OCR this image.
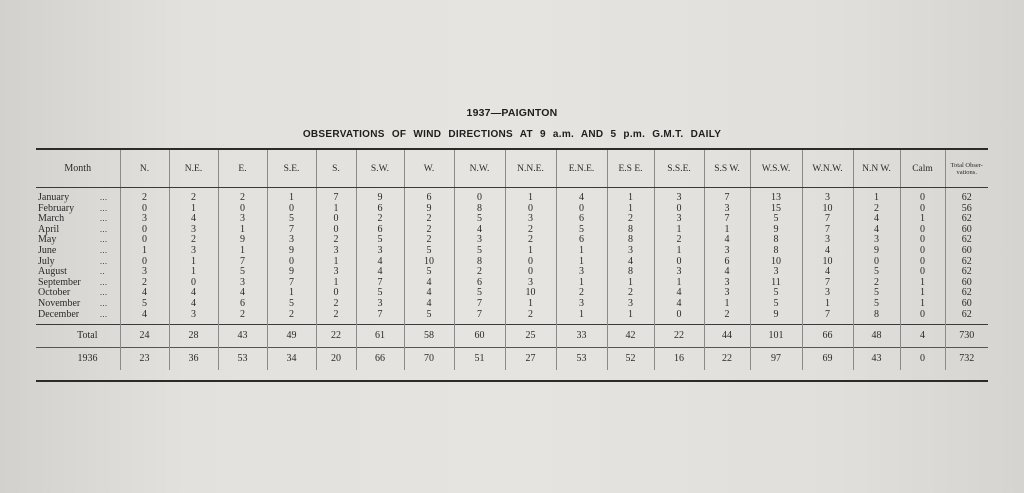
1937—PAIGNTON
OBSERVATIONS OF WIND DIRECTIONS AT 9 a.m. AND 5 p.m. G.M.T. DAILY
Month	N.	N.E.	E.	S.E.	S.	S.W.	W.	N.W.	N.N.E.	E.N.E.	E.S E.	S.S.E.	S.S W.	W.S.W.	W.N.W.	N.N W.	Calm	Total Obser- vations.
January ...	2	2	2	1	7	9	6	0	1	4	1	3	7	13	3	1	0	62
February ...	0	1	0	0	1	6	9	8	0	0	1	0	3	15	10	2	0	56
March ...	3	4	3	5	0	2	2	5	3	6	2	3	7	5	7	4	1	62
April ...	0	3	1	7	0	6	2	4	2	5	8	1	1	9	7	4	0	60
May ...	0	2	9	3	2	5	2	3	2	6	8	2	4	8	3	3	0	62
June ...	1	3	1	9	3	3	5	5	1	1	3	1	3	8	4	9	0	60
July ...	0	1	7	0	1	4	10	8	0	1	4	0	6	10	10	0	0	62
August ..	3	1	5	9	3	4	5	2	0	3	8	3	4	3	4	5	0	62
September ...	2	0	3	7	1	7	4	6	3	1	1	1	3	11	7	2	1	60
October ...	4	4	4	1	0	5	4	5	10	2	2	4	3	5	3	5	1	62
November ...	5	4	6	5	2	3	4	7	1	3	3	4	1	5	1	5	1	60
December ...	4	3	2	2	2	7	5	7	2	1	1	0	2	9	7	8	0	62
Total	24	28	43	49	22	61	58	60	25	33	42	22	44	101	66	48	4	730
1936	23	36	53	34	20	66	70	51	27	53	52	16	22	97	69	43	0	732
